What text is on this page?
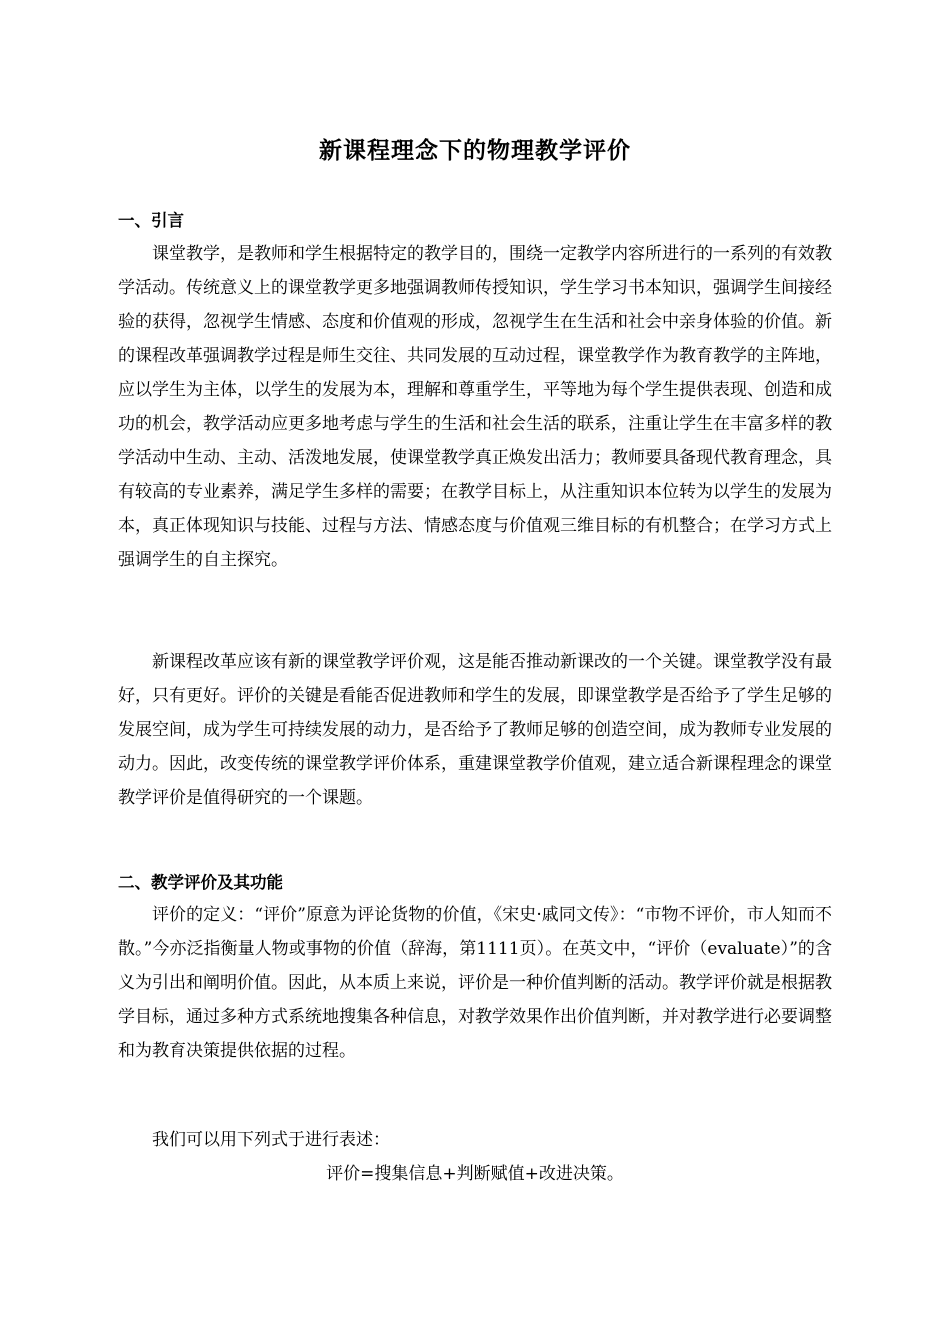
新课程理念下的物理教学评价
一、引言

课堂教学，是教师和学生根据特定的教学目的，围绕一定教学内容所进行的一系列的有效教学活动。传统意义上的课堂教学更多地强调教师传授知识，学生学习书本知识，强调学生间接经验的获得，忽视学生情感、态度和价值观的形成，忽视学生在生活和社会中亲身体验的价值。新的课程改革强调教学过程是师生交往、共同发展的互动过程，课堂教学作为教育教学的主阵地，应以学生为主体，以学生的发展为本，理解和尊重学生，平等地为每个学生提供表现、创造和成功的机会，教学活动应更多地考虑与学生的生活和社会生活的联系，注重让学生在丰富多样的教学活动中生动、主动、活泼地发展，使课堂教学真正焕发出活力；教师要具备现代教育理念，具有较高的专业素养，满足学生多样的需要；在教学目标上，从注重知识本位转为以学生的发展为本，真正体现知识与技能、过程与方法、情感态度与价值观三维目标的有机整合；在学习方式上强调学生的自主探究。

新课程改革应该有新的课堂教学评价观，这是能否推动新课改的一个关键。课堂教学没有最好，只有更好。评价的关键是看能否促进教师和学生的发展，即课堂教学是否给予了学生足够的发展空间，成为学生可持续发展的动力，是否给予了教师足够的创造空间，成为教师专业发展的动力。因此，改变传统的课堂教学评价体系，重建课堂教学价值观，建立适合新课程理念的课堂教学评价是值得研究的一个课题。

二、教学评价及其功能

评价的定义：“评价”原意为评论货物的价值，《宋史·戚同文传》：“市物不评价，市人知而不散。”今亦泛指衡量人物或事物的价值（辞海，第1111页）。在英文中，“评价（evaluate）”的含义为引出和阐明价值。因此，从本质上来说，评价是一种价值判断的活动。教学评价就是根据教学目标，通过多种方式系统地搜集各种信息，对教学效果作出价值判断，并对教学进行必要调整和为教育决策提供依据的过程。

我们可以用下列式于进行表述：

评价=搜集信息+判断赋值+改进决策。
